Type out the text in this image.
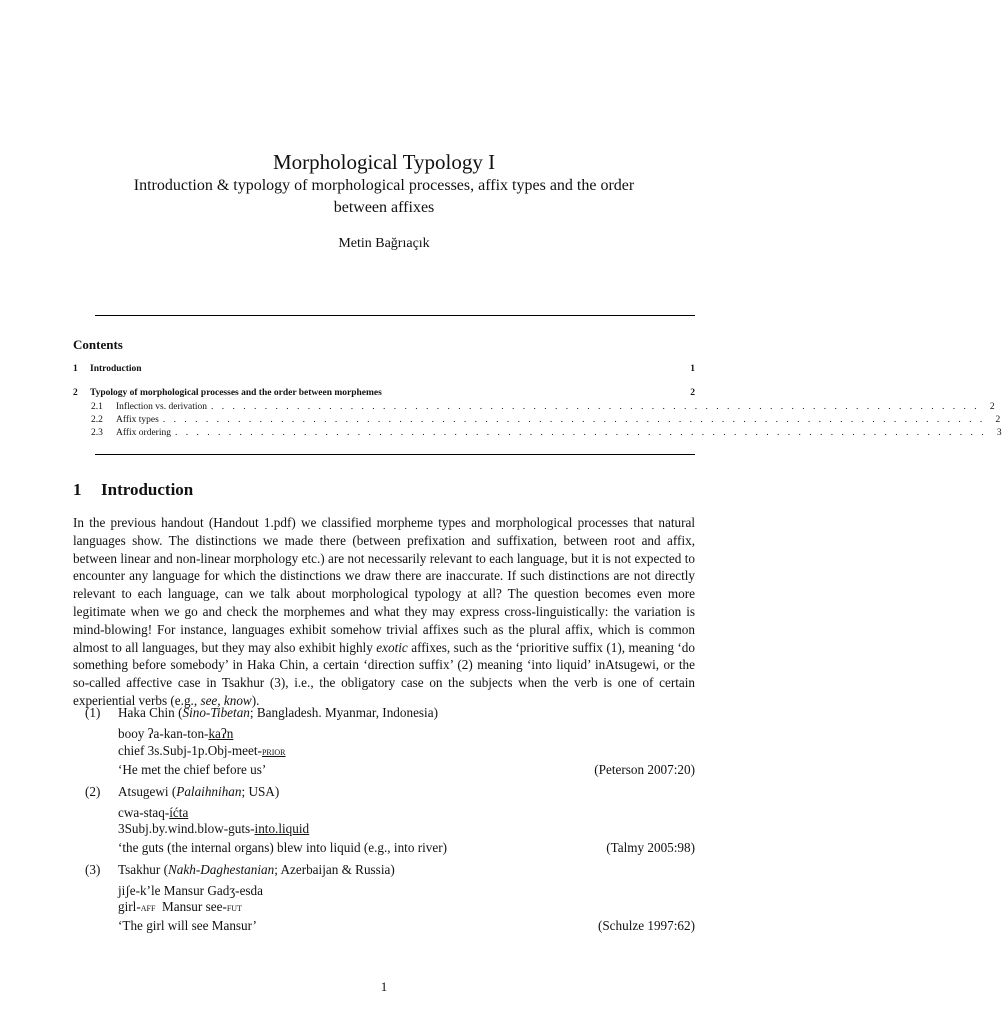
Morphological Typology I
Introduction & typology of morphological processes, affix types and the order
between affixes
Metin Bağrıaçık
Contents
1	Introduction	1
2	Typology of morphological processes and the order between morphemes	2
2.1	Inflection vs. derivation . . . . . . . . . . . . . . . . . . . . . . . . . . . . . . . . . . . . . . . . . . . . . . . . . . . . . . . . . . . . . . . . . . . . . . . .	2
2.2	Affix types . . . . . . . . . . . . . . . . . . . . . . . . . . . . . . . . . . . . . . . . . . . . . . . . . . . . . . . . . . . . . . . . . . . . . . . . . . . . .	2
2.3	Affix ordering . . . . . . . . . . . . . . . . . . . . . . . . . . . . . . . . . . . . . . . . . . . . . . . . . . . . . . . . . . . . . . . . . . . . . . . . . . . .	3
1 Introduction
In the previous handout (Handout 1.pdf) we classified morpheme types and morphological processes that natural languages show. The distinctions we made there (between prefixation and suffixation, between root and affix, between linear and non-linear morphology etc.) are not necessarily relevant to each language, but it is not expected to encounter any language for which the distinctions we draw there are inaccurate. If such distinctions are not directly relevant to each language, can we talk about morphological typology at all? The question becomes even more legitimate when we go and check the morphemes and what they may express cross-linguistically: the variation is mind-blowing! For instance, languages exhibit somehow trivial affixes such as the plural affix, which is common almost to all languages, but they may also exhibit highly exotic affixes, such as the ‘prioritive suffix (1), meaning ‘do something before somebody’ in Haka Chin, a certain ‘direction suffix’ (2) meaning ‘into liquid’ inAtsugewi, or the so-called affective case in Tsakhur (3), i.e., the obligatory case on the subjects when the verb is one of certain experiential verbs (e.g., see, know).
(1) Haka Chin (Sino-Tibetan; Bangladesh. Myanmar, Indonesia)
booy ʔa-kan-ton-kaʔn
chief 3s.Subj-1p.Obj-meet-prior
‘He met the chief before us’	(Peterson 2007:20)
(2) Atsugewi (Palaihnihan; USA)
cwa-staq-íćta
3Subj.by.wind.blow-guts-into.liquid
‘the guts (the internal organs) blew into liquid (e.g., into river)	(Talmy 2005:98)
(3) Tsakhur (Nakh-Daghestanian; Azerbaijan & Russia)
jiʃe-k’le Mansur Gadʒ-esda
girl-aff  Mansur see-fut
‘The girl will see Mansur’	(Schulze 1997:62)
1
